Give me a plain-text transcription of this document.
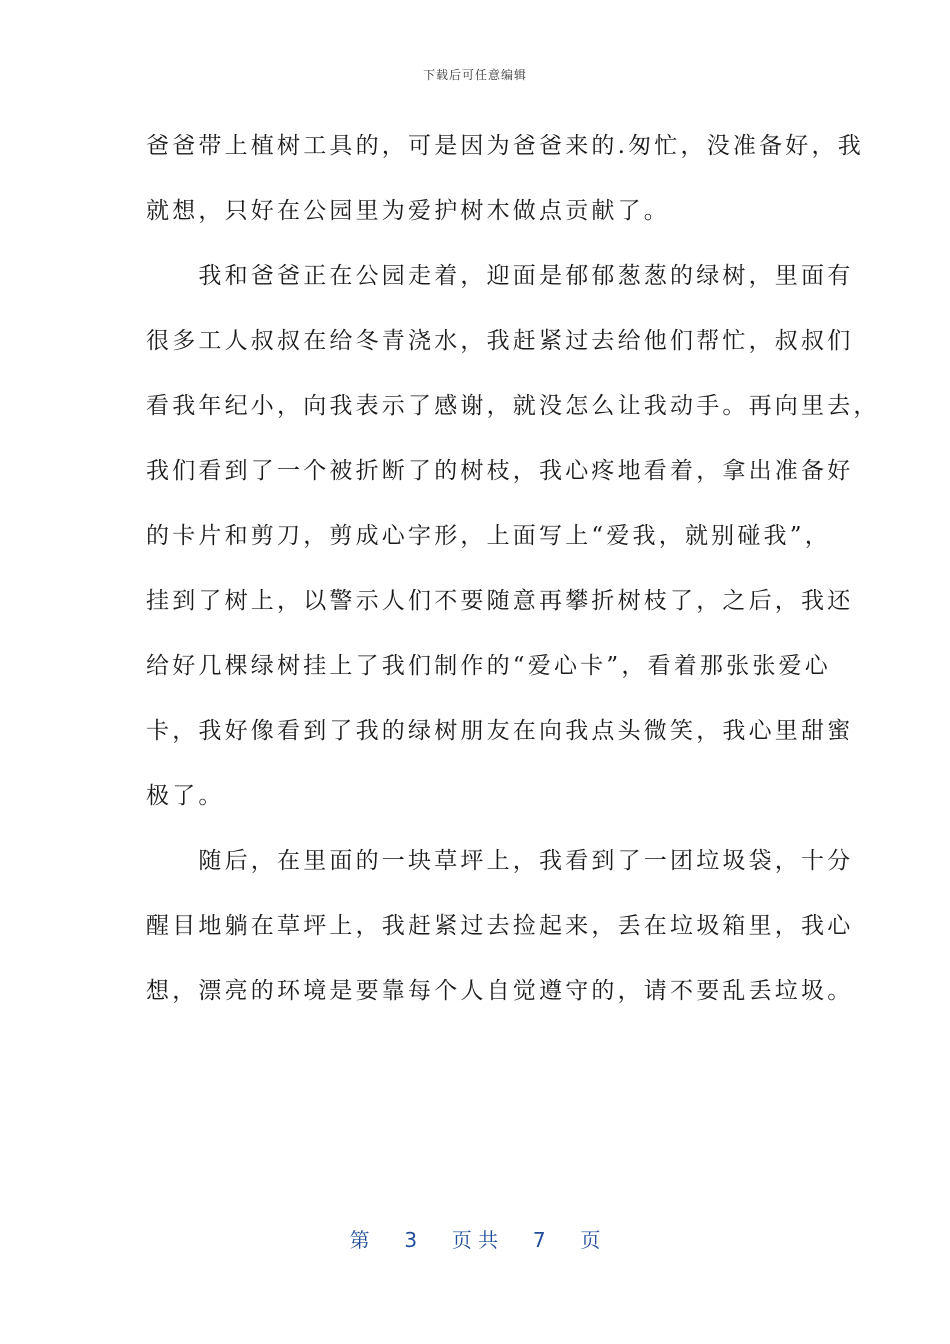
下载后可任意编辑
爸爸带上植树工具的，可是因为爸爸来的.匆忙，没准备好，我
就想，只好在公园里为爱护树木做点贡献了。
　　我和爸爸正在公园走着，迎面是郁郁葱葱的绿树，里面有
很多工人叔叔在给冬青浇水，我赶紧过去给他们帮忙，叔叔们
看我年纪小，向我表示了感谢，就没怎么让我动手。再向里去，
我们看到了一个被折断了的树枝，我心疼地看着，拿出准备好
的卡片和剪刀，剪成心字形，上面写上“爱我，就别碰我”，
挂到了树上，以警示人们不要随意再攀折树枝了，之后，我还
给好几棵绿树挂上了我们制作的“爱心卡”，看着那张张爱心
卡，我好像看到了我的绿树朋友在向我点头微笑，我心里甜蜜
极了。
　　随后，在里面的一块草坪上，我看到了一团垃圾袋，十分
醒目地躺在草坪上，我赶紧过去捡起来，丢在垃圾箱里，我心
想，漂亮的环境是要靠每个人自觉遵守的，请不要乱丢垃圾。
第 3 页 共 7 页
